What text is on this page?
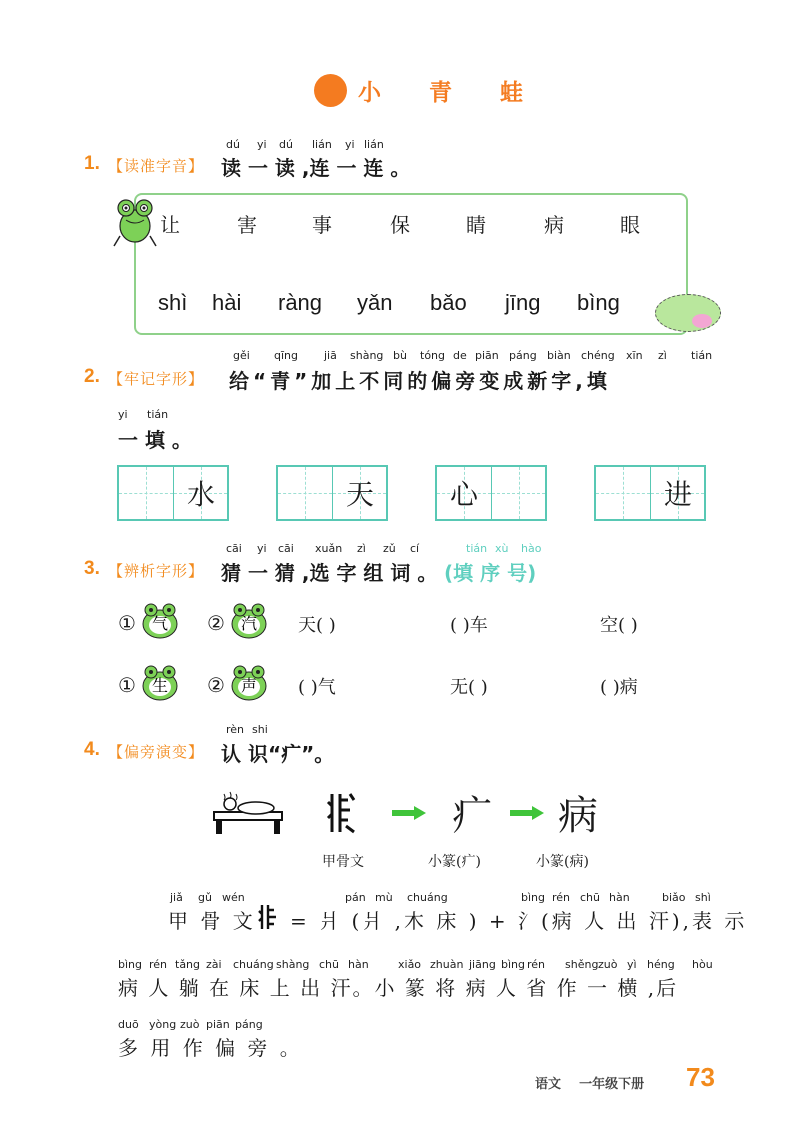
小 青 蛙
dú yi dú lián yi lián
1. 【读准字音】 读 一 读 ,连 一 连 。
让	害	事	保	睛	病	眼
shì hài ràng yǎn bǎo jīng bìng
gěi qīng jiā shàng bù tóng de piān páng biàn chéng xīn zì tián
2. 【牢记字形】 给“青”加上不同的偏旁变成新字,填
yi tián
一 填 。
水	天	心	进
cāi yi cāi xuǎn zì zǔ cí	tián xù hào
3. 【辨析字形】 猜 一 猜 ,选 字 组 词 。 (填 序 号)
①	气	②	汽	天( )	( )车	空( )
①	生	②	声	( )气	无( )	( )病
rèn shi
4. 【偏旁演变】 认 识“疒”。
疒 病
甲骨文	小篆(疒)	小篆(病)
jiǎ gǔ wén	pán mù chuáng	bìng rén chū hàn	biǎo shì
甲 骨 文 = 爿 (爿 ,木 床 ) + 氵(病 人 出 汗),表 示
bìng rén tǎng zài chuáng shàng chū hàn	xiǎo zhuàn jiāng bìng rén shěng zuò yì héng hòu
病 人 躺 在 床 上 出 汗。小 篆 将 病 人 省 作 一 横 ,后
duō yòng zuò piān páng
多 用 作 偏 旁 。
语文 一年级下册 73
